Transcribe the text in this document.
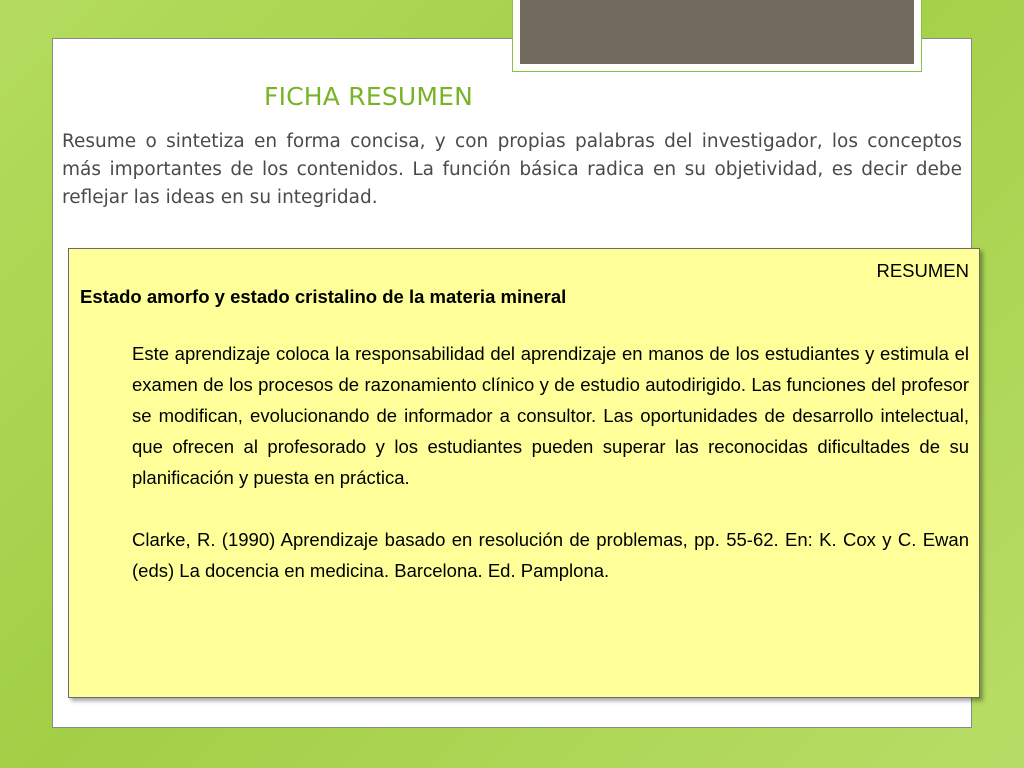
FICHA RESUMEN

Resume o sintetiza en forma concisa, y con propias palabras del investigador, los conceptos más importantes de los contenidos. La función básica radica en su objetividad, es decir debe reflejar las ideas en su integridad.

RESUMEN

Estado amorfo y estado cristalino de la materia mineral

Este aprendizaje coloca la responsabilidad del aprendizaje en manos de los estudiantes y estimula el examen de los procesos de razonamiento clínico y de estudio autodirigido. Las funciones del profesor se modifican, evolucionando de informador a consultor. Las oportunidades de desarrollo intelectual, que ofrecen al profesorado y los estudiantes pueden superar las reconocidas dificultades de su planificación y puesta en práctica.

Clarke, R. (1990) Aprendizaje basado en resolución de problemas, pp. 55-62. En: K. Cox y C. Ewan (eds) La docencia en medicina. Barcelona. Ed. Pamplona.
